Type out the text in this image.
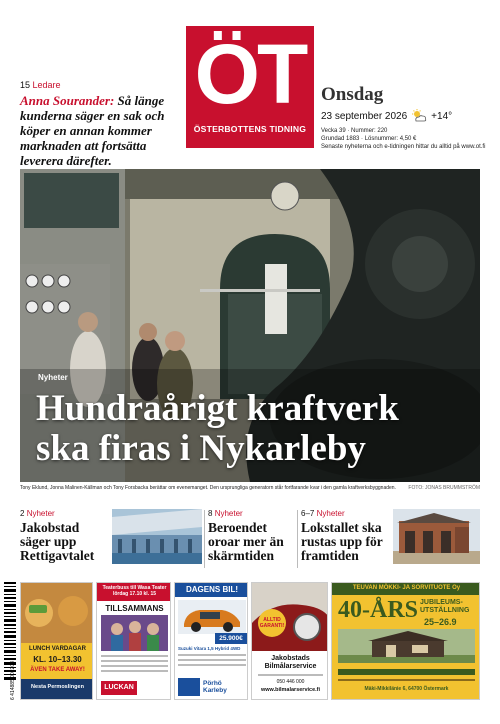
15 Ledare
Anna Sourander: Så länge kunderna säger en sak och köper en annan kommer marknaden att fortsätta leverera därefter.
ÖT
ÖSTERBOTTENS TIDNING
Onsdag
23 september 2026 +14°
Vecka 39 · Nummer: 220
Grundad 1883 · Lösnummer: 4,50 €
Senaste nyheterna och e-tidningen hittar du alltid på www.ot.fi
Nyheter
Hundraårigt kraftverk
ska firas i Nykarleby
Tony Eklund, Jonna Malinen-Källman och Tony Forsbacka berättar om evenemanget. Den ursprungliga generatorn står fortfarande kvar i den gamla kraftverksbyggnaden. FOTO: JONAS BRUMMSTRÖM
2 Nyheter
Jakobstad säger upp Rettigavtalet
8 Nyheter
Beroendet oroar mer än skärmtiden
6–7 Nyheter
Lokstallet ska rustas upp för framtiden
6 414885 002203
LUNCH VARDAGAR
KL. 10–13.30
ÄVEN TAKE AWAY!
Nesta Permoslingen
Teaterbuss till Wasa Teater lördag 17.10 kl. 15
TILLSAMMANS
LUCKAN
DAGENS BIL!
25.900€
Suzuki Vitara 1,5 Hybrid 4WD
Pörhö Karleby
ALLTID GARANTI!
Jakobstads Bilmålarservice
050 446 000
www.bilmalarservice.fi
TEUVAN MÖKKI- JA SORVITUOTE Oy
40-ÅRS JUBILEUMS-UTSTÄLLNING
25–26.9
Mäki-Mikkilänie 6, 64700 Östermark
